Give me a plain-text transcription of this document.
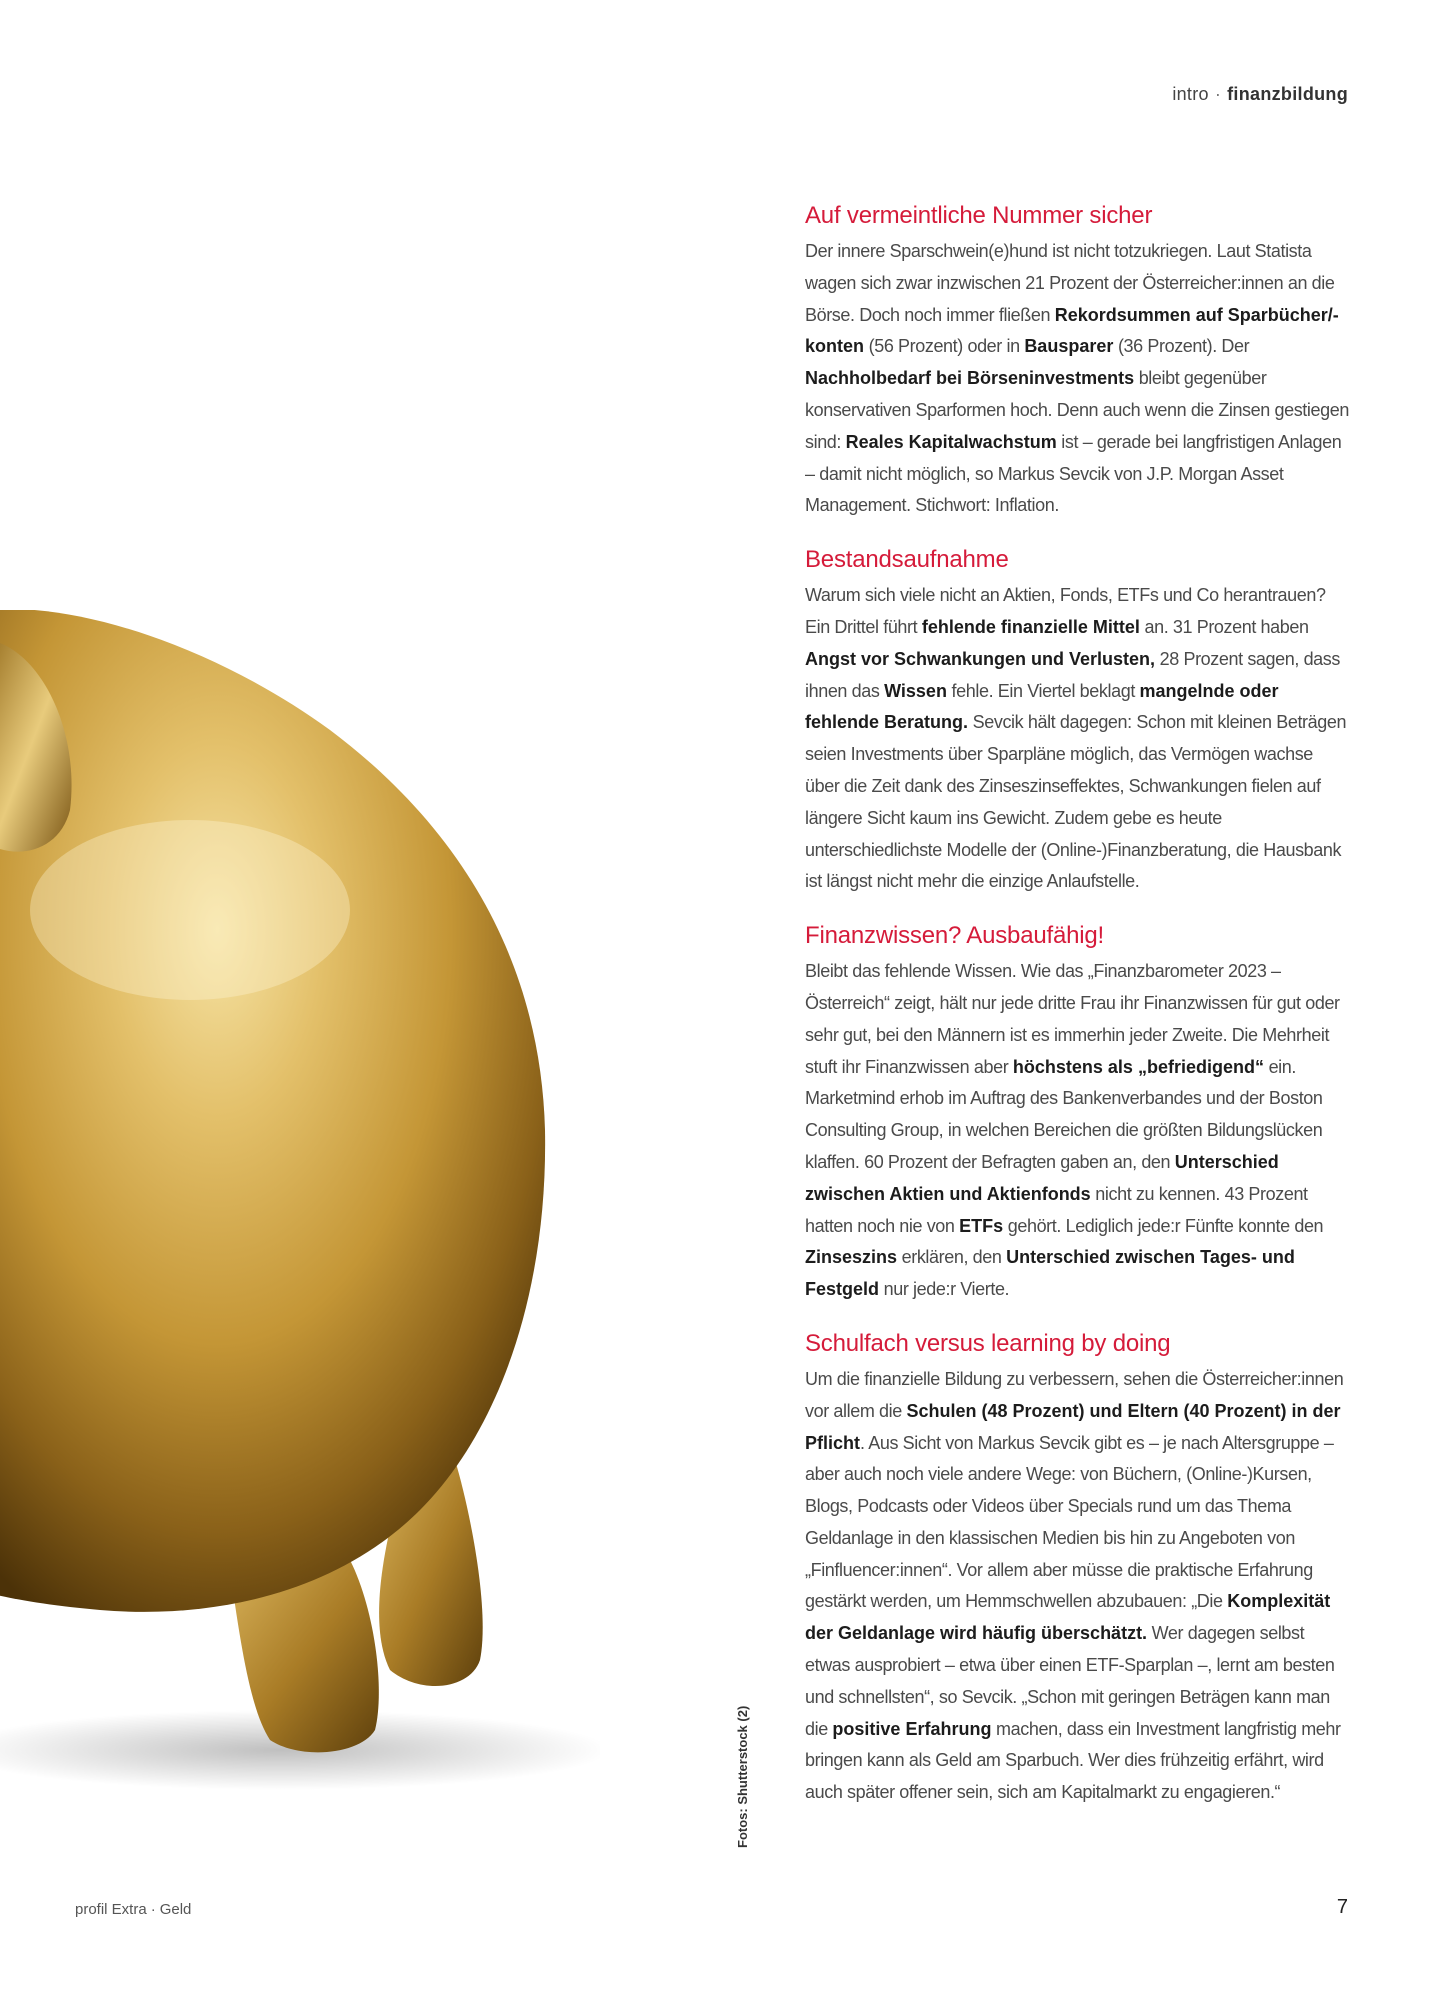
intro · finanzbildung
Fotos: Shutterstock (2)
Auf vermeintliche Nummer sicher

Der innere Sparschwein(e)hund ist nicht totzukriegen. Laut Statista wagen sich zwar inzwischen 21 Prozent der Österreicher:innen an die Börse. Doch noch immer fließen Rekordsummen auf Sparbücher/-konten (56 Prozent) oder in Bausparer (36 Prozent). Der Nachholbedarf bei Börseninvestments bleibt gegenüber konservativen Sparformen hoch. Denn auch wenn die Zinsen gestiegen sind: Reales Kapitalwachstum ist – gerade bei langfristigen Anlagen – damit nicht möglich, so Markus Sevcik von J.P. Morgan Asset Management. Stichwort: Inflation.

Bestandsaufnahme

Warum sich viele nicht an Aktien, Fonds, ETFs und Co herantrauen? Ein Drittel führt fehlende finanzielle Mittel an. 31 Prozent haben Angst vor Schwankungen und Verlusten, 28 Prozent sagen, dass ihnen das Wissen fehle. Ein Viertel beklagt mangelnde oder fehlende Beratung. Sevcik hält dagegen: Schon mit kleinen Beträgen seien Investments über Sparpläne möglich, das Vermögen wachse über die Zeit dank des Zinseszinseffektes, Schwankungen fielen auf längere Sicht kaum ins Gewicht. Zudem gebe es heute unterschiedlichste Modelle der (Online-)Finanzberatung, die Hausbank ist längst nicht mehr die einzige Anlaufstelle.

Finanzwissen? Ausbaufähig!

Bleibt das fehlende Wissen. Wie das „Finanzbarometer 2023 – Österreich“ zeigt, hält nur jede dritte Frau ihr Finanzwissen für gut oder sehr gut, bei den Männern ist es immerhin jeder Zweite. Die Mehrheit stuft ihr Finanzwissen aber höchstens als „befriedigend“ ein. Marketmind erhob im Auftrag des Bankenverbandes und der Boston Consulting Group, in welchen Bereichen die größten Bildungslücken klaffen. 60 Prozent der Befragten gaben an, den Unterschied zwischen Aktien und Aktienfonds nicht zu kennen. 43 Prozent hatten noch nie von ETFs gehört. Lediglich jede:r Fünfte konnte den Zinseszins erklären, den Unterschied zwischen Tages- und Festgeld nur jede:r Vierte.

Schulfach versus learning by doing

Um die finanzielle Bildung zu verbessern, sehen die Österreicher:innen vor allem die Schulen (48 Prozent) und Eltern (40 Prozent) in der Pflicht. Aus Sicht von Markus Sevcik gibt es – je nach Altersgruppe – aber auch noch viele andere Wege: von Büchern, (Online-)Kursen, Blogs, Podcasts oder Videos über Specials rund um das Thema Geldanlage in den klassischen Medien bis hin zu Angeboten von „Finfluencer:innen“. Vor allem aber müsse die praktische Erfahrung gestärkt werden, um Hemmschwellen abzubauen: „Die Komplexität der Geldanlage wird häufig überschätzt. Wer dagegen selbst etwas ausprobiert – etwa über einen ETF-Sparplan –, lernt am besten und schnellsten“, so Sevcik. „Schon mit geringen Beträgen kann man die positive Erfahrung machen, dass ein Investment langfristig mehr bringen kann als Geld am Sparbuch. Wer dies frühzeitig erfährt, wird auch später offener sein, sich am Kapitalmarkt zu engagieren.“

profil Extra · Geld	7
